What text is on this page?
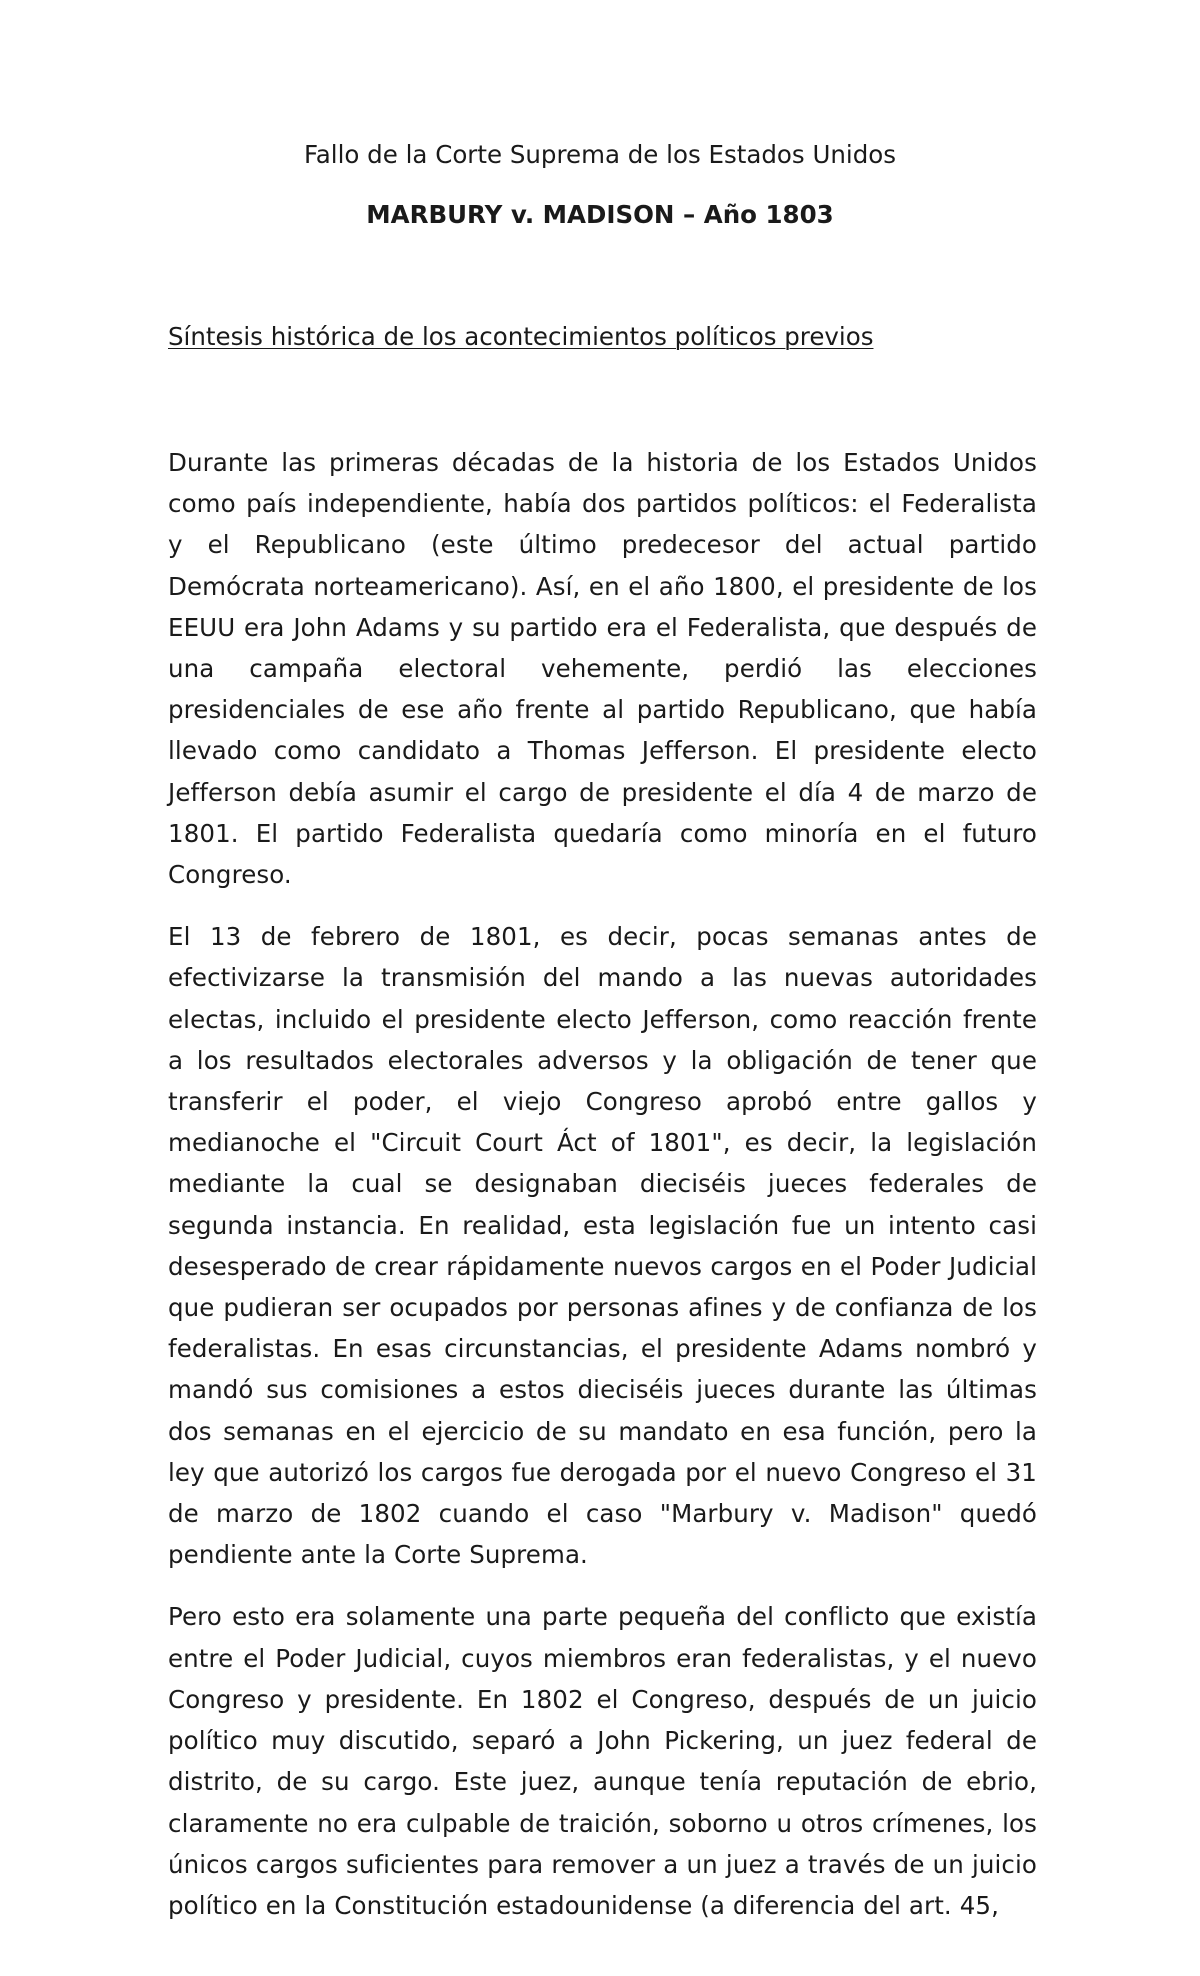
Fallo de la Corte Suprema de los Estados Unidos
MARBURY v. MADISON – Año 1803
Síntesis histórica de los acontecimientos políticos previos

Durante las primeras décadas de la historia de los Estados Unidos como país independiente, había dos partidos políticos: el Federalista y el Republicano (este último predecesor del actual partido Demócrata norteamericano). Así, en el año 1800, el presidente de los EEUU era John Adams y su partido era el Federalista, que después de una campaña electoral vehemente, perdió las elecciones presidenciales de ese año frente al partido Republicano, que había llevado como candidato a Thomas Jefferson. El presidente electo Jefferson debía asumir el cargo de presidente el día 4 de marzo de 1801. El partido Federalista quedaría como minoría en el futuro Congreso.

El 13 de febrero de 1801, es decir, pocas semanas antes de efectivizarse la transmisión del mando a las nuevas autoridades electas, incluido el presidente electo Jefferson, como reacción frente a los resultados electorales adversos y la obligación de tener que transferir el poder, el viejo Congreso aprobó entre gallos y medianoche el "Circuit Court Áct of 1801", es decir, la legislación mediante la cual se designaban dieciséis jueces federales de segunda instancia. En realidad, esta legislación fue un intento casi desesperado de crear rápidamente nuevos cargos en el Poder Judicial que pudieran ser ocupados por personas afines y de confianza de los federalistas. En esas circunstancias, el presidente Adams nombró y mandó sus comisiones a estos dieciséis jueces durante las últimas dos semanas en el ejercicio de su mandato en esa función, pero la ley que autorizó los cargos fue derogada por el nuevo Congreso el 31 de marzo de 1802 cuando el caso "Marbury v. Madison" quedó pendiente ante la Corte Suprema.

Pero esto era solamente una parte pequeña del conflicto que existía entre el Poder Judicial, cuyos miembros eran federalistas, y el nuevo Congreso y presidente. En 1802 el Congreso, después de un juicio político muy discutido, separó a John Pickering, un juez federal de distrito, de su cargo. Este juez, aunque tenía reputación de ebrio, claramente no era culpable de traición, soborno u otros crímenes, los únicos cargos suficientes para remover a un juez a través de un juicio político en la Constitución estadounidense (a diferencia del art. 45,
